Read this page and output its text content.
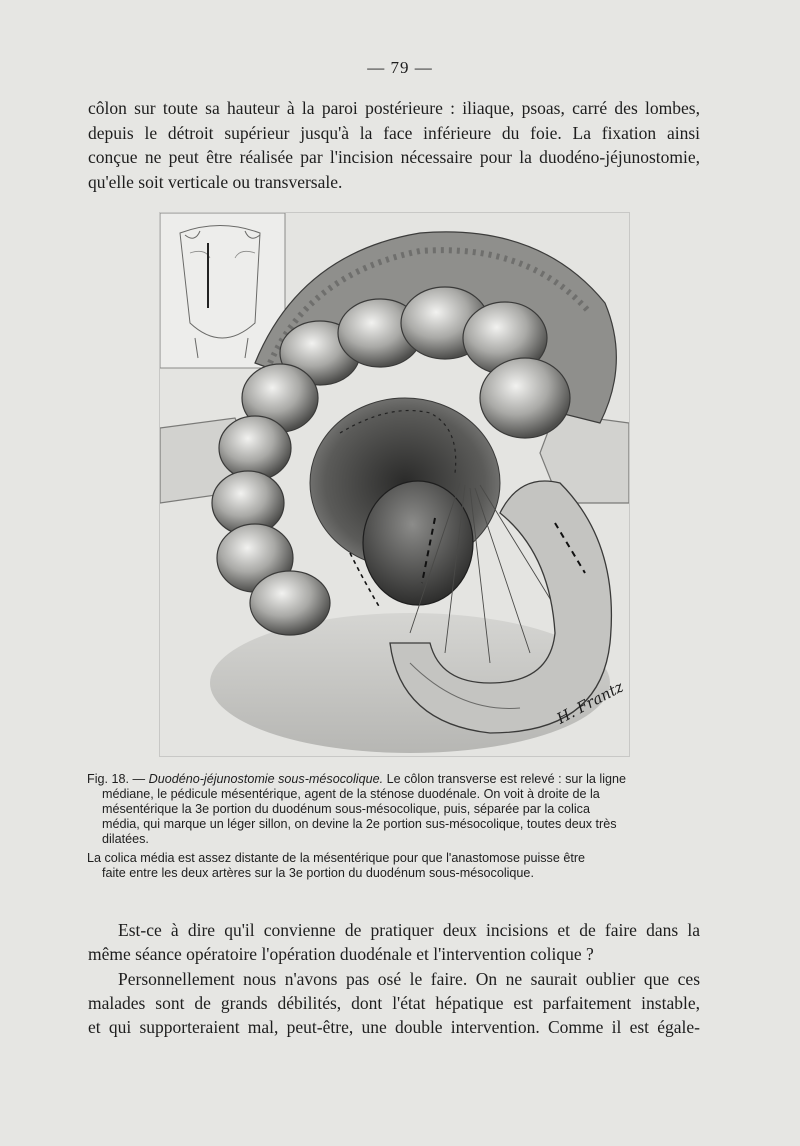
— 79 —
côlon sur toute sa hauteur à la paroi postérieure : iliaque, psoas, carré des lombes,
depuis le détroit supérieur jusqu'à la face inférieure du foie. La fixation ainsi
conçue ne peut être réalisée par l'incision nécessaire pour la duodéno-jéjunostomie,
qu'elle soit verticale ou transversale.
H. Frantz

Fig. 18. — Duodéno-jéjunostomie sous-mésocolique. Le côlon transverse est relevé : sur la ligne

médiane, le pédicule mésentérique, agent de la sténose duodénale. On voit à droite de la

mésentérique la 3e portion du duodénum sous-mésocolique, puis, séparée par la colica

média, qui marque un léger sillon, on devine la 2e portion sus-mésocolique, toutes deux très

dilatées.

La colica média est assez distante de la mésentérique pour que l'anastomose puisse être

faite entre les deux artères sur la 3e portion du duodénum sous-mésocolique.

Est-ce à dire qu'il convienne de pratiquer deux incisions et de faire dans la
même séance opératoire l'opération duodénale et l'intervention colique ?
Personnellement nous n'avons pas osé le faire. On ne saurait oublier que ces
malades sont de grands débilités, dont l'état hépatique est parfaitement instable,
et qui supporteraient mal, peut-être, une double intervention. Comme il est égale-
